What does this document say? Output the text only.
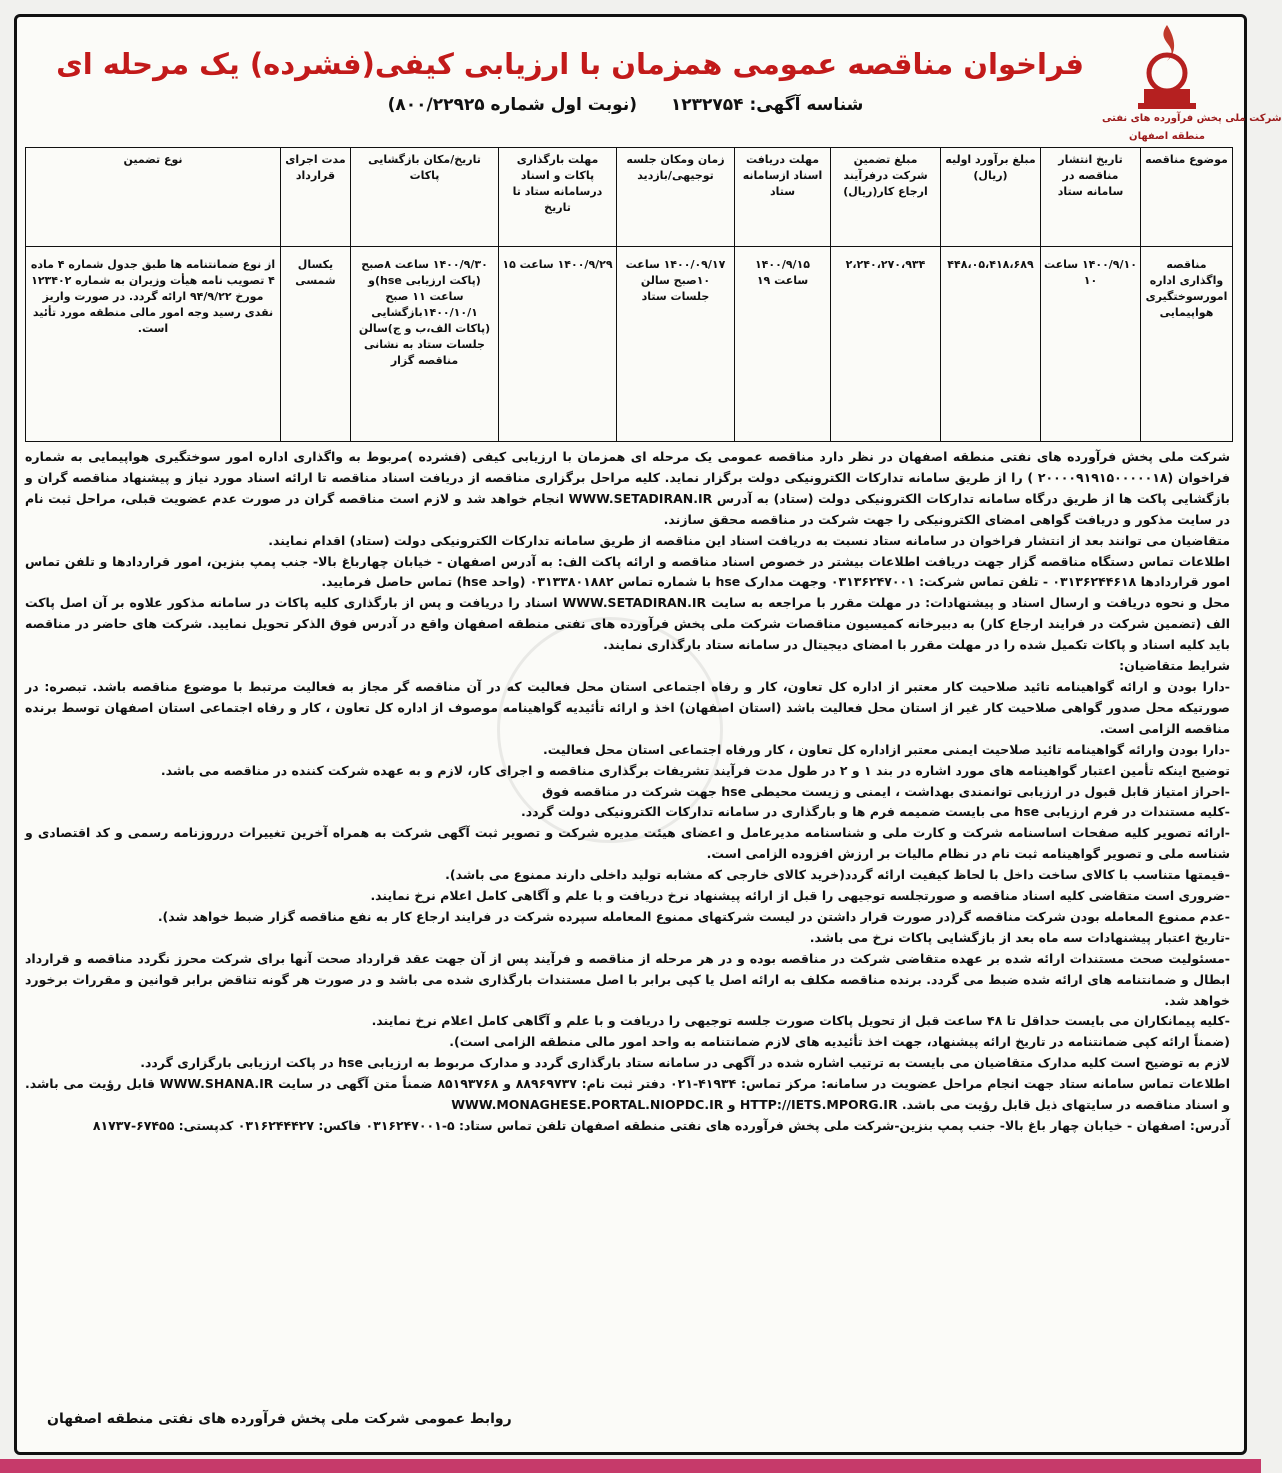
شرکت ملی پخش فرآورده های نفتی
منطقه اصفهان
فراخوان مناقصه عمومی همزمان با ارزیابی کیفی(فشرده) یک مرحله ای
شناسه آگهی: ۱۲۳۲۷۵۴ (نوبت اول شماره ۸۰۰/۲۲۹۲۵)
موضوع مناقصه	تاریخ انتشار مناقصه در سامانه ستاد	مبلغ برآورد اولیه (ریال)	مبلغ تضمین شرکت درفرآیند ارجاع کار(ریال)	مهلت دریافت اسناد ازسامانه ستاد	زمان ومکان جلسه توجیهی/بازدید	مهلت بارگذاری پاکات و اسناد درسامانه ستاد تا تاریخ	تاریخ/مکان بازگشایی پاکات	مدت اجرای قرارداد	نوع تضمین
مناقصه واگذاری اداره امورسوختگیری هواپیمایی	۱۴۰۰/۹/۱۰ ساعت ۱۰	۴۴۸،۰۵،۴۱۸،۶۸۹	۲،۲۴۰،۲۷۰،۹۳۴	۱۴۰۰/۹/۱۵ ساعت ۱۹	۱۴۰۰/۰۹/۱۷ ساعت ۱۰صبح سالن جلسات ستاد	۱۴۰۰/۹/۲۹ ساعت ۱۵	۱۴۰۰/۹/۳۰ ساعت ۸صبح (پاکت ارزیابی hse)و ساعت ۱۱ صبح ۱۴۰۰/۱۰/۱بازگشایی (پاکات الف،ب و ج)سالن جلسات ستاد به نشانی مناقصه گزار	یکسال شمسی	از نوع ضمانتنامه ها طبق جدول شماره ۴ ماده ۴ تصویب نامه هیأت وزیران به شماره ۱۲۳۴۰۲ مورخ ۹۴/۹/۲۲ ارائه گردد. در صورت واریز نقدی رسید وجه امور مالی منطقه مورد تأئید است.

شرکت ملی پخش فرآورده های نفتی منطقه اصفهان در نظر دارد مناقصه عمومی یک مرحله ای همزمان با ارزیابی کیفی (فشرده )مربوط به واگذاری اداره امور سوختگیری هواپیمایی به شماره فراخوان (۲۰۰۰۰۹۱۹۱۵۰۰۰۰۰۱۸ ) را از طریق سامانه تدارکات الکترونیکی دولت برگزار نماید. کلیه مراحل برگزاری مناقصه از دریافت اسناد مناقصه تا ارائه اسناد مورد نیاز و پیشنهاد مناقصه گران و بازگشایی پاکت ها از طریق درگاه سامانه تدارکات الکترونیکی دولت (ستاد) به آدرس WWW.SETADIRAN.IR انجام خواهد شد و لازم است مناقصه گران در صورت عدم عضویت قبلی، مراحل ثبت نام در سایت مذکور و دریافت گواهی امضای الکترونیکی را جهت شرکت در مناقصه محقق سازند.

متقاضیان می توانند بعد از انتشار فراخوان در سامانه ستاد نسبت به دریافت اسناد این مناقصه از طریق سامانه تدارکات الکترونیکی دولت (ستاد) اقدام نمایند.

اطلاعات تماس دستگاه مناقصه گزار جهت دریافت اطلاعات بیشتر در خصوص اسناد مناقصه و ارائه پاکت الف: به آدرس اصفهان - خیابان چهارباغ بالا- جنب پمپ بنزین، امور قراردادها و تلفن تماس امور قراردادها ۰۳۱۳۶۲۴۴۶۱۸ - تلفن تماس شرکت: ۰۳۱۳۶۲۴۷۰۰۱ وجهت مدارک hse با شماره تماس ۰۳۱۳۳۸۰۱۸۸۲ (واحد hse) تماس حاصل فرمایید.

محل و نحوه دریافت و ارسال اسناد و پیشنهادات: در مهلت مقرر با مراجعه به سایت WWW.SETADIRAN.IR اسناد را دریافت و پس از بارگذاری کلیه پاکات در سامانه مذکور علاوه بر آن اصل پاکت الف (تضمین شرکت در فرایند ارجاع کار) به دبیرخانه کمیسیون مناقصات شرکت ملی پخش فرآورده های نفتی منطقه اصفهان واقع در آدرس فوق الذکر تحویل نمایید. شرکت های حاضر در مناقصه باید کلیه اسناد و پاکات تکمیل شده را در مهلت مقرر با امضای دیجیتال در سامانه ستاد بارگذاری نمایند.

شرایط متقاضیان:

-دارا بودن و ارائه گواهینامه تائید صلاحیت کار معتبر از اداره کل تعاون، کار و رفاه اجتماعی استان محل فعالیت که در آن مناقصه گر مجاز به فعالیت مرتبط با موضوع مناقصه باشد. تبصره: در صورتیکه محل صدور گواهی صلاحیت کار غیر از استان محل فعالیت باشد (استان اصفهان) اخذ و ارائه تأئیدیه گواهینامه موصوف از اداره کل تعاون ، کار و رفاه اجتماعی استان اصفهان توسط برنده مناقصه الزامی است.

-دارا بودن وارائه گواهینامه تائید صلاحیت ایمنی معتبر ازاداره کل تعاون ، کار ورفاه اجتماعی استان محل فعالیت.

توضیح اینکه تأمین اعتبار گواهینامه های مورد اشاره در بند ۱ و ۲ در طول مدت فرآیند تشریفات برگذاری مناقصه و اجرای کار، لازم و به عهده شرکت کننده در مناقصه می باشد.

-احراز امتیاز قابل قبول در ارزیابی توانمندی بهداشت ، ایمنی و زیست محیطی hse جهت شرکت در مناقصه فوق

-کلیه مستندات در فرم ارزیابی hse می بایست ضمیمه فرم ها و بارگذاری در سامانه تدارکات الکترونیکی دولت گردد.

-ارائه تصویر کلیه صفحات اساسنامه شرکت و کارت ملی و شناسنامه مدیرعامل و اعضای هیئت مدیره شرکت و تصویر ثبت آگهی شرکت به همراه آخرین تغییرات درروزنامه رسمی و کد اقتصادی و شناسه ملی و تصویر گواهینامه ثبت نام در نظام مالیات بر ارزش افزوده الزامی است.

-قیمتها متناسب با کالای ساخت داخل با لحاظ کیفیت ارائه گردد(خرید کالای خارجی که مشابه تولید داخلی دارند ممنوع می باشد).

-ضروری است متقاضی کلیه اسناد مناقصه و صورتجلسه توجیهی را قبل از ارائه پیشنهاد نرخ دریافت و با علم و آگاهی کامل اعلام نرخ نمایند.

-عدم ممنوع المعامله بودن شرکت مناقصه گر(در صورت قرار داشتن در لیست شرکتهای ممنوع المعامله سپرده شرکت در فرایند ارجاع کار به نفع مناقصه گزار ضبط خواهد شد).

-تاریخ اعتبار پیشنهادات سه ماه بعد از بازگشایی پاکات نرخ می باشد.

-مسئولیت صحت مستندات ارائه شده بر عهده متقاضی شرکت در مناقصه بوده و در هر مرحله از مناقصه و فرآیند پس از آن جهت عقد قرارداد صحت آنها برای شرکت محرز نگردد مناقصه و قرارداد ابطال و ضمانتنامه های ارائه شده ضبط می گردد. برنده مناقصه مکلف به ارائه اصل یا کپی برابر با اصل مستندات بارگذاری شده می باشد و در صورت هر گونه تناقض برابر قوانین و مقررات برخورد خواهد شد.

-کلیه پیمانکاران می بایست حداقل تا ۴۸ ساعت قبل از تحویل پاکات صورت جلسه توجیهی را دریافت و با علم و آگاهی کامل اعلام نرخ نمایند.

(ضمناً ارائه کپی ضمانتنامه در تاریخ ارائه پیشنهاد، جهت اخذ تأئیدیه های لازم ضمانتنامه به واحد امور مالی منطقه الزامی است).

لازم به توضیح است کلیه مدارک متقاضیان می بایست به ترتیب اشاره شده در آگهی در سامانه ستاد بارگذاری گردد و مدارک مربوط به ارزیابی hse در پاکت ارزیابی بارگزاری گردد.

اطلاعات تماس سامانه ستاد جهت انجام مراحل عضویت در سامانه: مرکز تماس: ۴۱۹۳۴-۰۲۱ دفتر ثبت نام: ۸۸۹۶۹۷۳۷ و ۸۵۱۹۳۷۶۸ ضمناً متن آگهی در سایت WWW.SHANA.IR قابل رؤیت می باشد. و اسناد مناقصه در سایتهای ذیل قابل رؤیت می باشد. HTTP://IETS.MPORG.IR و WWW.MONAGHESE.PORTAL.NIOPDC.IR

آدرس: اصفهان - خیابان چهار باغ بالا- جنب پمپ بنزین-شرکت ملی پخش فرآورده های نفتی منطقه اصفهان تلفن تماس ستاد: ۵-۰۳۱۶۲۴۷۰۰۱ فاکس: ۰۳۱۶۲۴۴۴۲۷ کدپستی: ۶۷۴۵۵-۸۱۷۳۷

روابط عمومی شرکت ملی پخش فرآورده های نفتی منطقه اصفهان
